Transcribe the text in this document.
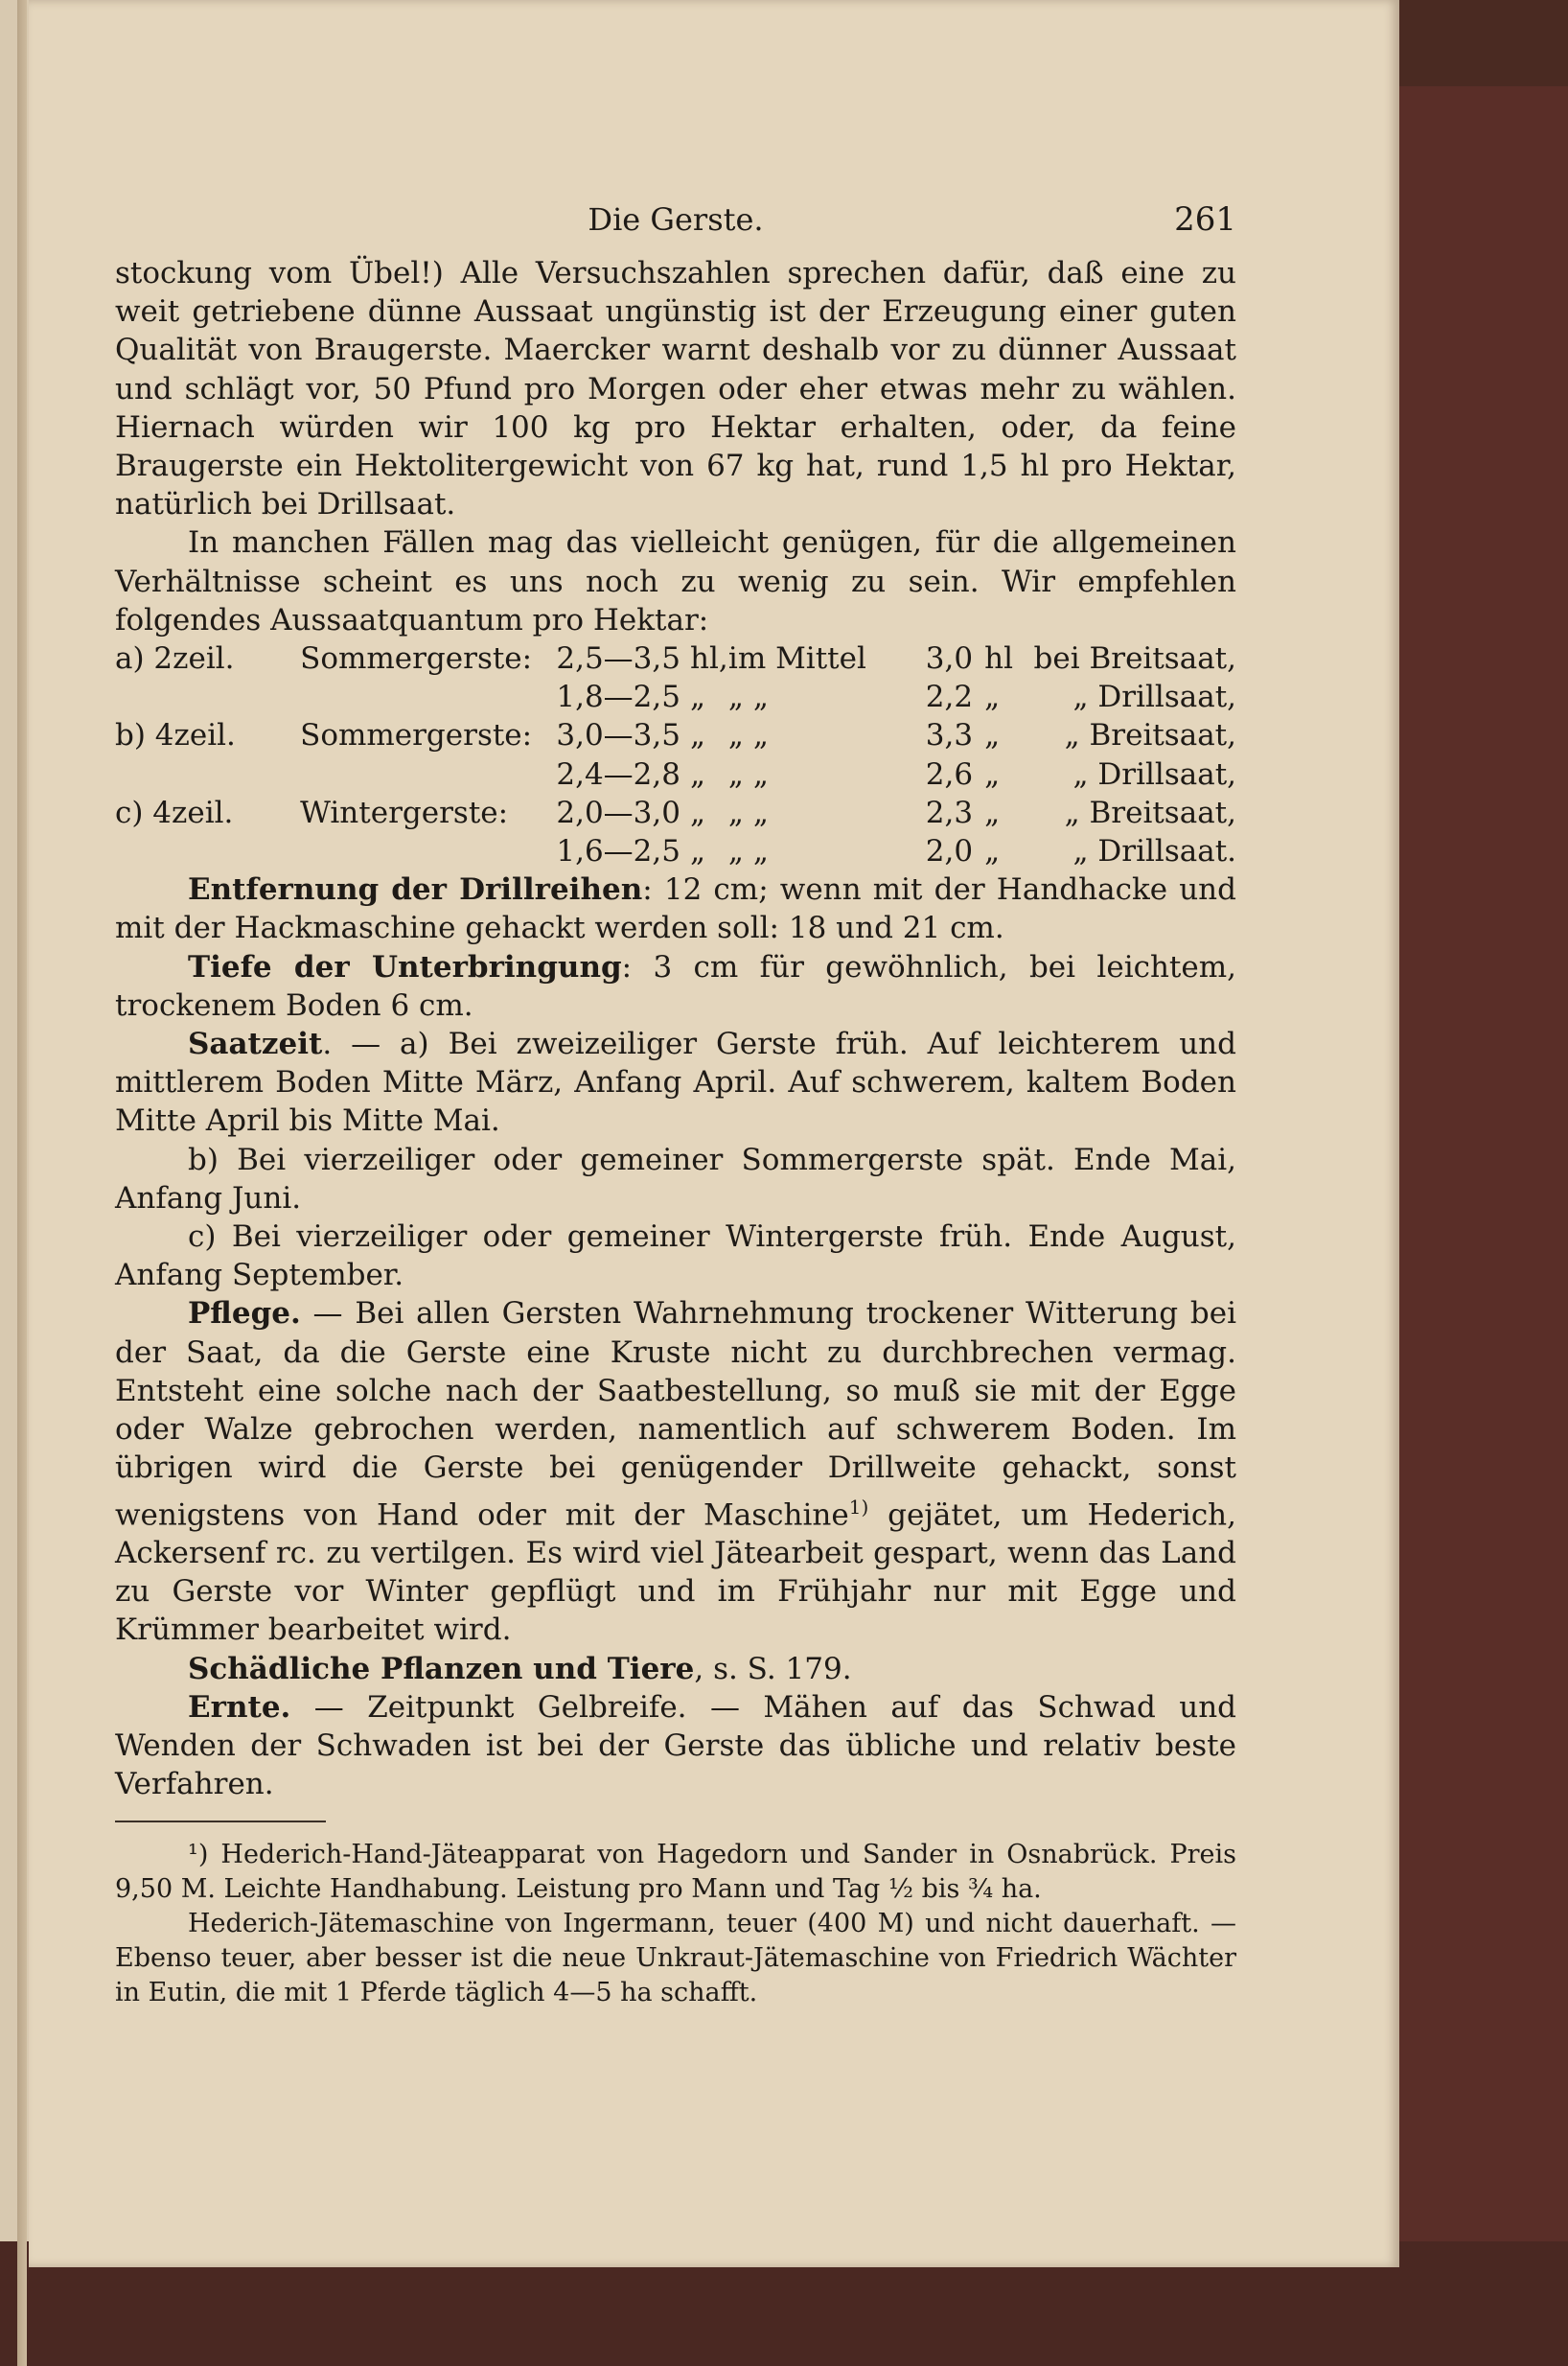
Die Gerste.	261

stockung vom Übel!) Alle Versuchszahlen sprechen dafür, daß eine zu weit getriebene dünne Aussaat ungünstig ist der Erzeugung einer guten Qualität von Braugerste. Maercker warnt deshalb vor zu dünner Aussaat und schlägt vor, 50 Pfund pro Morgen oder eher etwas mehr zu wählen. Hiernach würden wir 100 kg pro Hektar erhalten, oder, da feine Braugerste ein Hektolitergewicht von 67 kg hat, rund 1,5 hl pro Hektar, natürlich bei Drillsaat.

In manchen Fällen mag das vielleicht genügen, für die allgemeinen Verhältnisse scheint es uns noch zu wenig zu sein. Wir empfehlen folgendes Aussaatquantum pro Hektar:

a) 2zeil.	Sommergerste:	2,5—3,5	hl,	im Mittel	3,0	hl	bei Breitsaat,
		1,8—2,5	„	„ „	2,2	„	„ Drillsaat,
b) 4zeil.	Sommergerste:	3,0—3,5	„	„ „	3,3	„	„ Breitsaat,
		2,4—2,8	„	„ „	2,6	„	„ Drillsaat,
c) 4zeil.	Wintergerste:	2,0—3,0	„	„ „	2,3	„	„ Breitsaat,
		1,6—2,5	„	„ „	2,0	„	„ Drillsaat.

Entfernung der Drillreihen: 12 cm; wenn mit der Handhacke und mit der Hackmaschine gehackt werden soll: 18 und 21 cm.

Tiefe der Unterbringung: 3 cm für gewöhnlich, bei leichtem, trockenem Boden 6 cm.

Saatzeit. — a) Bei zweizeiliger Gerste früh. Auf leichterem und mittlerem Boden Mitte März, Anfang April. Auf schwerem, kaltem Boden Mitte April bis Mitte Mai.

b) Bei vierzeiliger oder gemeiner Sommergerste spät. Ende Mai, Anfang Juni.

c) Bei vierzeiliger oder gemeiner Wintergerste früh. Ende August, Anfang September.

Pflege. — Bei allen Gersten Wahrnehmung trockener Witterung bei der Saat, da die Gerste eine Kruste nicht zu durchbrechen vermag. Entsteht eine solche nach der Saatbestellung, so muß sie mit der Egge oder Walze gebrochen werden, namentlich auf schwerem Boden. Im übrigen wird die Gerste bei genügender Drillweite gehackt, sonst wenigstens von Hand oder mit der Maschine$^{1)}$ gejätet, um Hederich, Ackersenf rc. zu vertilgen. Es wird viel Jätearbeit gespart, wenn das Land zu Gerste vor Winter gepflügt und im Frühjahr nur mit Egge und Krümmer bearbeitet wird.

Schädliche Pflanzen und Tiere, s. S. 179.

Ernte. — Zeitpunkt Gelbreife. — Mähen auf das Schwad und Wenden der Schwaden ist bei der Gerste das übliche und relativ beste Verfahren.

¹) Hederich-Hand-Jäteapparat von Hagedorn und Sander in Osnabrück. Preis 9,50 M. Leichte Handhabung. Leistung pro Mann und Tag ½ bis ¾ ha.

Hederich-Jätemaschine von Ingermann, teuer (400 M) und nicht dauerhaft. — Ebenso teuer, aber besser ist die neue Unkraut-Jätemaschine von Friedrich Wächter in Eutin, die mit 1 Pferde täglich 4—5 ha schafft.
